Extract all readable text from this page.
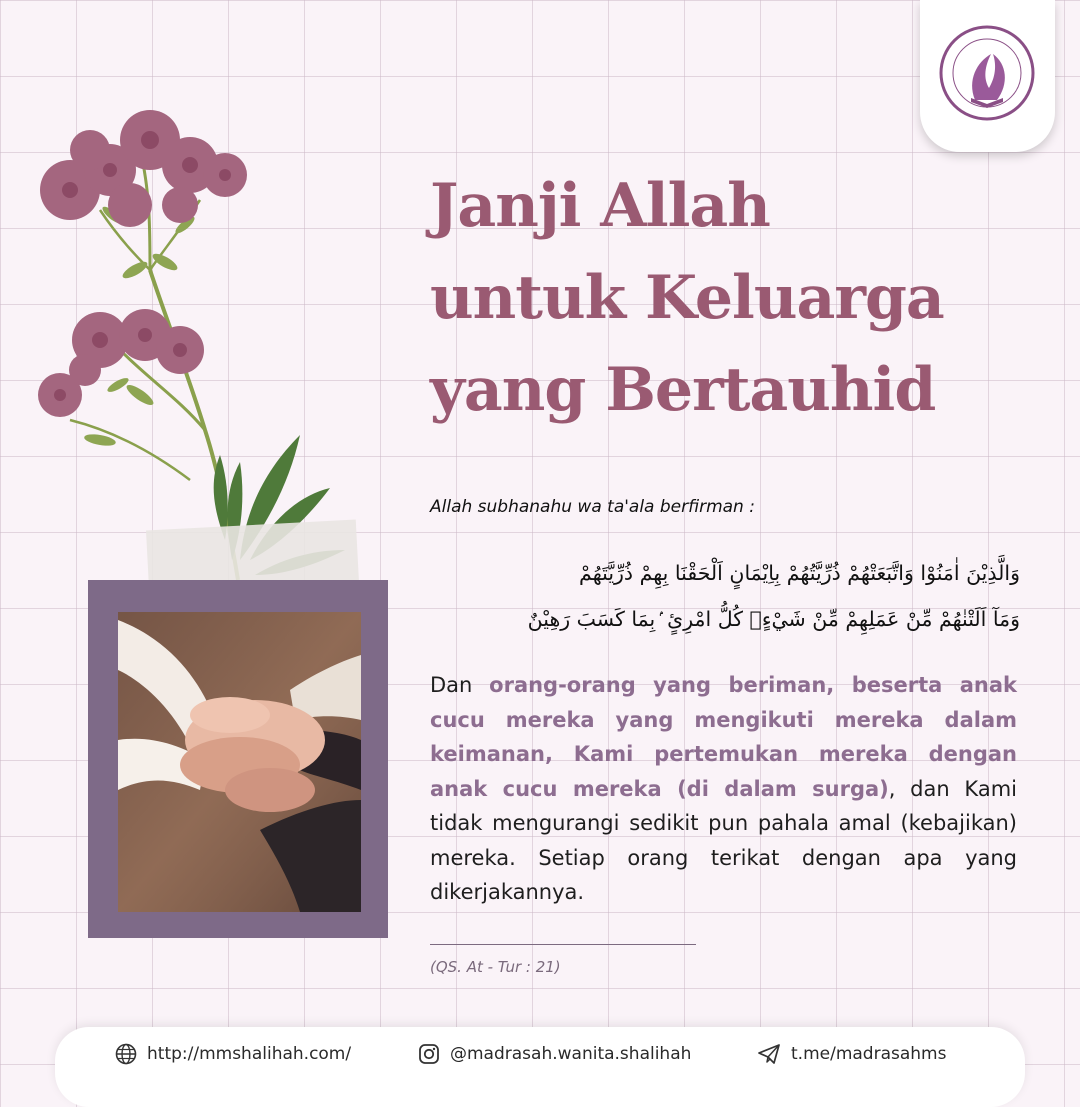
Janji Allah
untuk Keluarga
yang Bertauhid
Allah subhanahu wa ta'ala berfirman :
وَالَّذِيْنَ اٰمَنُوْا وَاتَّبَعَتْهُمْ ذُرِّيَّتُهُمْ بِاِيْمَانٍ اَلْحَقْنَا بِهِمْ ذُرِّيَّتَهُمْ
وَمَآ اَلَتْنٰهُمْ مِّنْ عَمَلِهِمْ مِّنْ شَيْءٍۗ كُلُّ امْرِئٍ ۢبِمَا كَسَبَ رَهِيْنٌ

Dan orang-orang yang beriman, beserta anak cucu mereka yang mengikuti mereka dalam keimanan, Kami pertemukan mereka dengan anak cucu mereka (di dalam surga), dan Kami tidak mengurangi sedikit pun pahala amal (kebajikan) mereka. Setiap orang terikat dengan apa yang dikerjakannya.

(QS. At - Tur : 21)
http://mmshalihah.com/	@madrasah.wanita.shalihah	t.me/madrasahms
